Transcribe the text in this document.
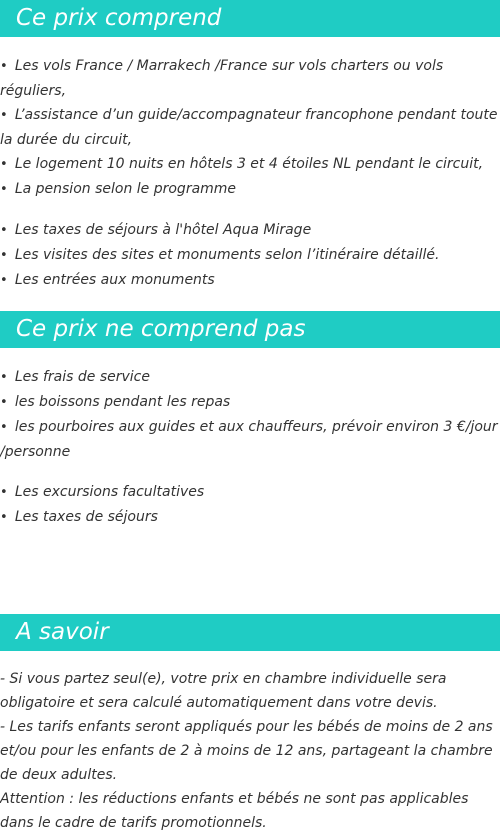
Ce prix comprend
• Les vols France / Marrakech /France sur vols charters ou vols réguliers,
• L’assistance d’un guide/accompagnateur francophone pendant toute la durée du circuit,
• Le logement 10 nuits en hôtels 3 et 4 étoiles NL pendant le circuit,
• La pension selon le programme
• Les taxes de séjours à l'hôtel Aqua Mirage
• Les visites des sites et monuments selon l’itinéraire détaillé.
• Les entrées aux monuments
Ce prix ne comprend pas
• Les frais de service
• les boissons pendant les repas
• les pourboires aux guides et aux chauffeurs, prévoir environ 3 €/jour /personne
• Les excursions facultatives
• Les taxes de séjours
A savoir

- Si vous partez seul(e), votre prix en chambre individuelle sera obligatoire et sera calculé automatiquement dans votre devis.

- Les tarifs enfants seront appliqués pour les bébés de moins de 2 ans et/ou pour les enfants de 2 à moins de 12 ans, partageant la chambre de deux adultes.

Attention : les réductions enfants et bébés ne sont pas applicables dans le cadre de tarifs promotionnels.
